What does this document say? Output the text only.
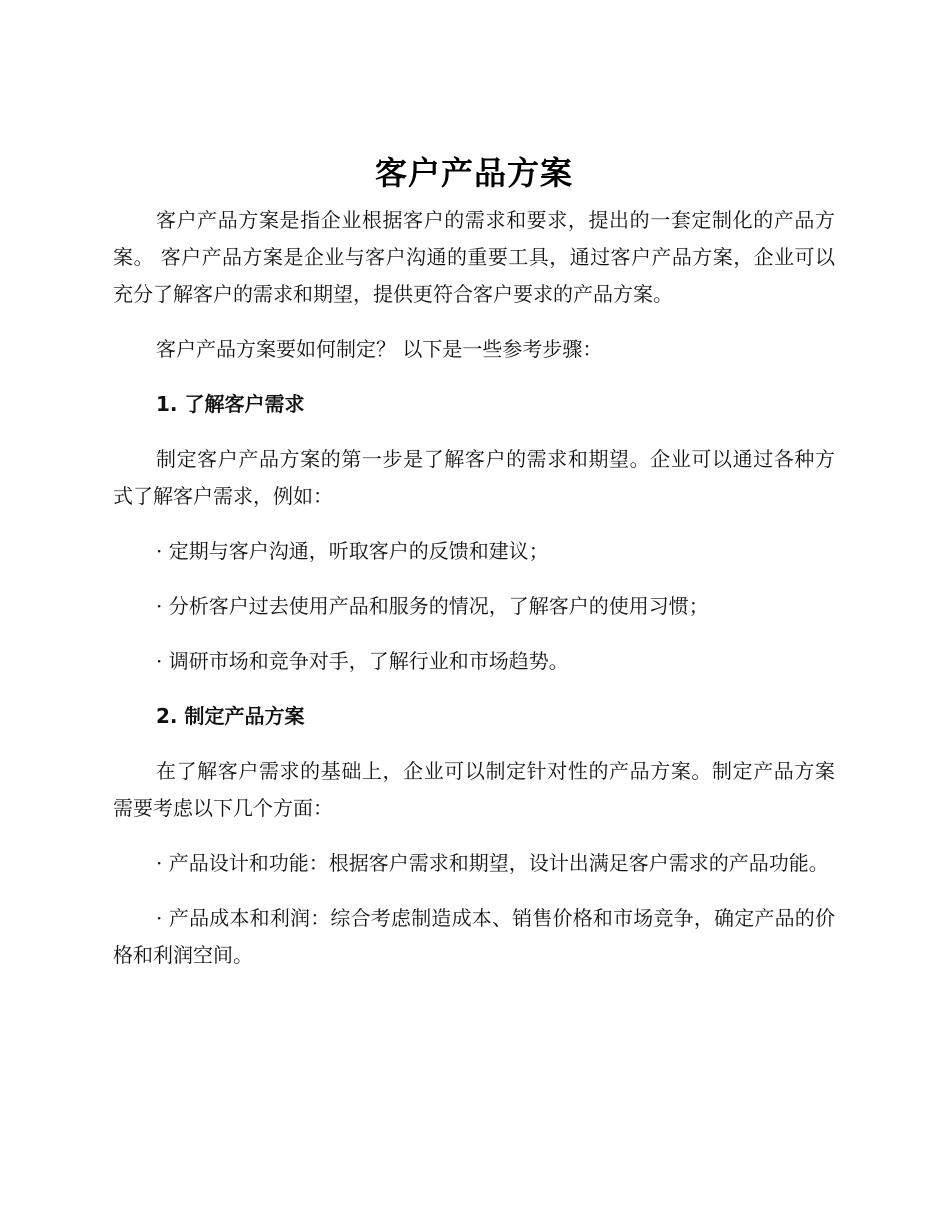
客户产品方案

客户产品方案是指企业根据客户的需求和要求，提出的一套定制化的产品方案。 客户产品方案是企业与客户沟通的重要工具，通过客户产品方案，企业可以充分了解客户的需求和期望，提供更符合客户要求的产品方案。

客户产品方案要如何制定？ 以下是一些参考步骤：

1. 了解客户需求

制定客户产品方案的第一步是了解客户的需求和期望。企业可以通过各种方式了解客户需求，例如：

· 定期与客户沟通，听取客户的反馈和建议；

· 分析客户过去使用产品和服务的情况，了解客户的使用习惯；

· 调研市场和竞争对手，了解行业和市场趋势。

2. 制定产品方案

在了解客户需求的基础上，企业可以制定针对性的产品方案。制定产品方案需要考虑以下几个方面：

· 产品设计和功能：根据客户需求和期望，设计出满足客户需求的产品功能。

· 产品成本和利润：综合考虑制造成本、销售价格和市场竞争，确定产品的价格和利润空间。
